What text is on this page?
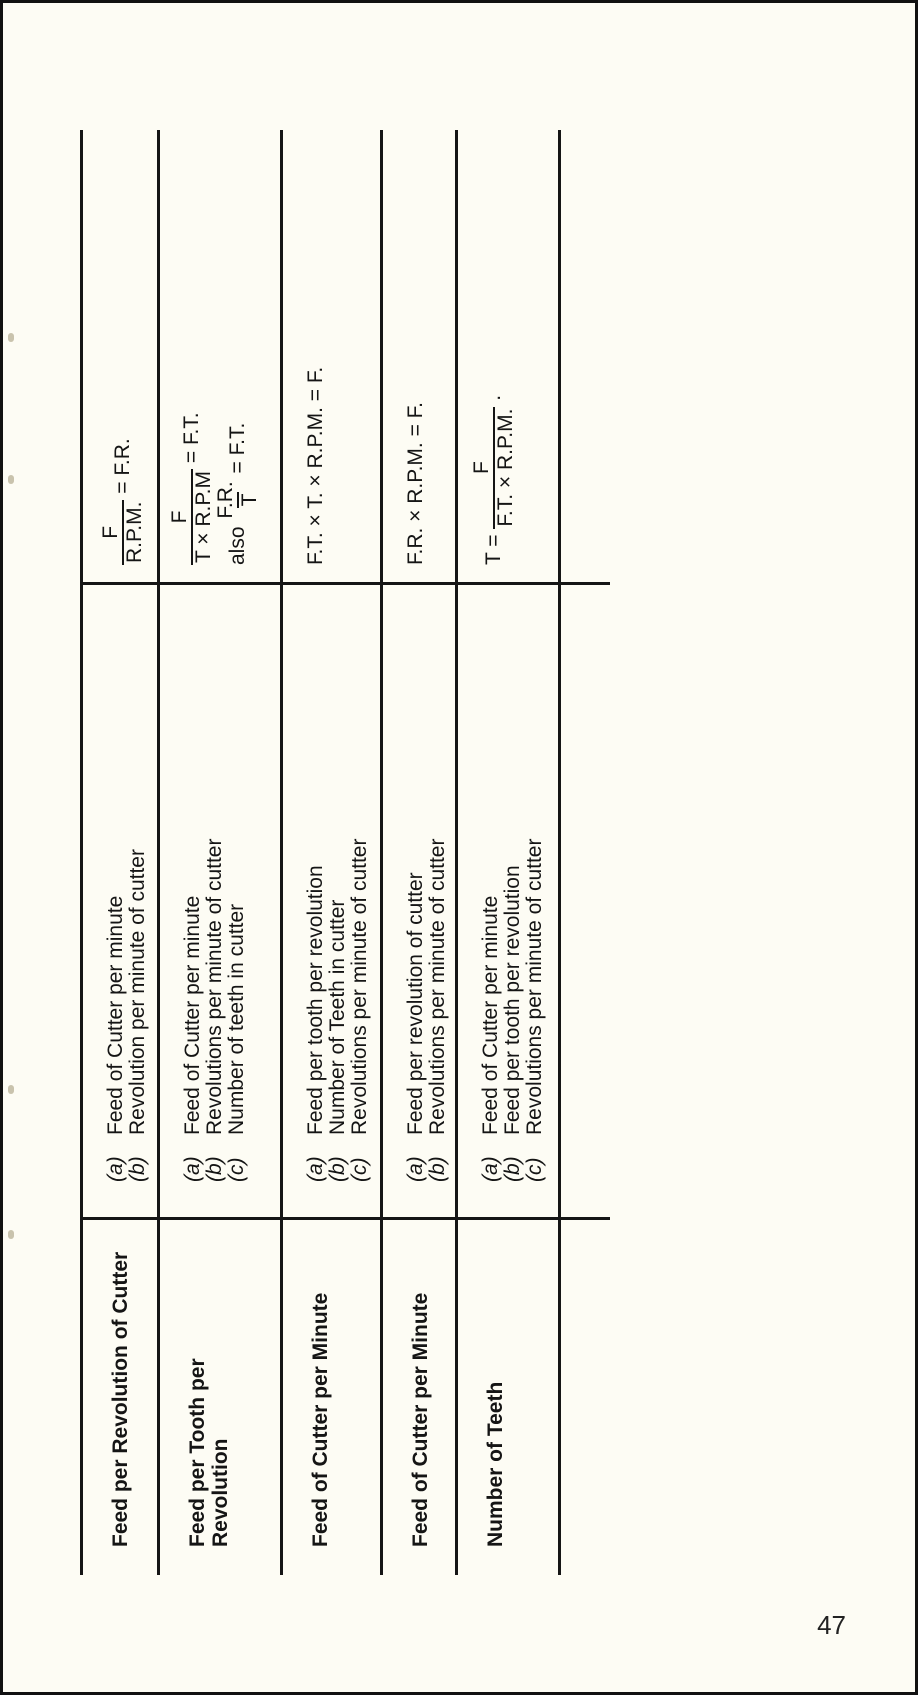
Feed per Revolution of Cutter
(a)
Feed of Cutter per minute
(b)
Revolution per minute of cutter
F R.P.M.
= F.R.
Feed per Tooth per Revolution
(a)
Feed of Cutter per minute
(b)
Revolutions per minute of cutter
(c)
Number of teeth in cutter
F T × R.P.M
= F.T.
also
F.R. T
= F.T.
Feed of Cutter per Minute
(a)
Feed per tooth per revolution
(b)
Number of Teeth in cutter
(c)
Revolutions per minute of cutter
F.T. × T. × R.P.M. = F.
Feed of Cutter per Minute
(a)
Feed per revolution of cutter
(b)
Revolutions per minute of cutter
F.R. × R.P.M. = F.
Number of Teeth
(a)
Feed of Cutter per minute
(b)
Feed per tooth per revolution
(c)
Revolutions per minute of cutter
T =
F F.T. × R.P.M.
.
47
